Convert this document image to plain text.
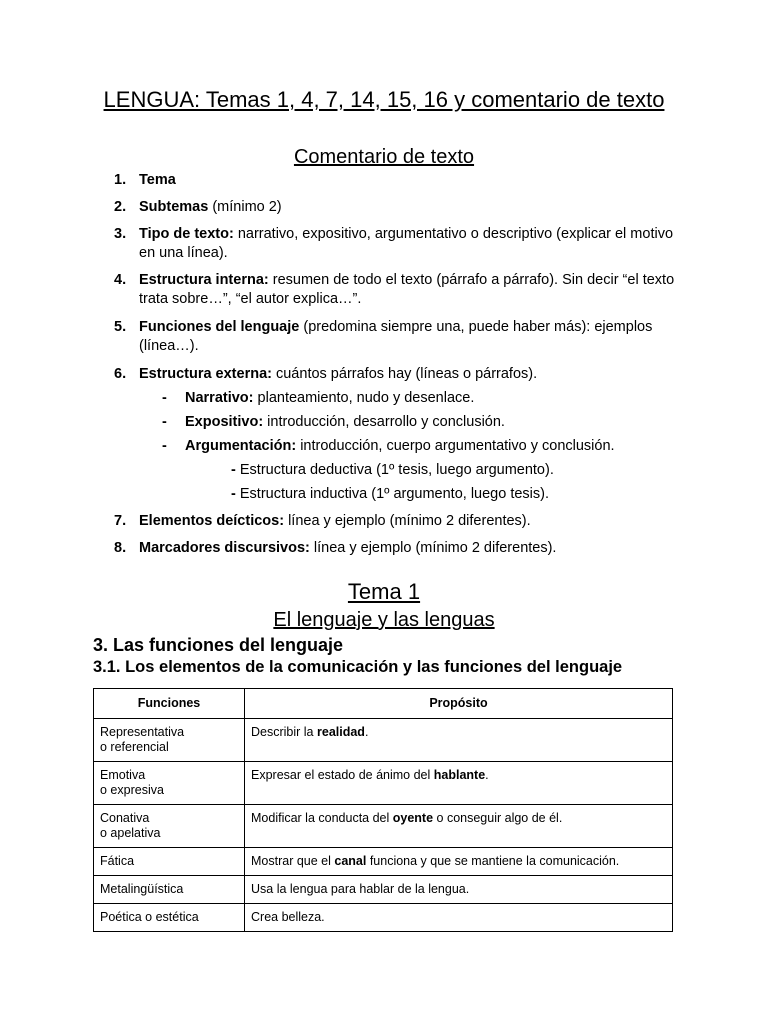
LENGUA: Temas 1, 4, 7, 14, 15, 16 y comentario de texto
Comentario de texto
1. Tema
2. Subtemas (mínimo 2)
3. Tipo de texto: narrativo, expositivo, argumentativo o descriptivo (explicar el motivo en una línea).
4. Estructura interna: resumen de todo el texto (párrafo a párrafo). Sin decir “el texto trata sobre…”, “el autor explica…”.
5. Funciones del lenguaje (predomina siempre una, puede haber más): ejemplos (línea…).
6. Estructura externa: cuántos párrafos hay (líneas o párrafos).
- Narrativo: planteamiento, nudo y desenlace.
- Expositivo: introducción, desarrollo y conclusión.
- Argumentación: introducción, cuerpo argumentativo y conclusión.
- Estructura deductiva (1º tesis, luego argumento).
- Estructura inductiva (1º argumento, luego tesis).
7. Elementos deícticos: línea y ejemplo (mínimo 2 diferentes).
8. Marcadores discursivos: línea y ejemplo (mínimo 2 diferentes).
Tema 1
El lenguaje y las lenguas
3. Las funciones del lenguaje
3.1. Los elementos de la comunicación y las funciones del lenguaje
Funciones	Propósito
Representativa
o referencial	Describir la realidad.
Emotiva
o expresiva	Expresar el estado de ánimo del hablante.
Conativa
o apelativa	Modificar la conducta del oyente o conseguir algo de él.
Fática	Mostrar que el canal funciona y que se mantiene la comunicación.
Metalingüística	Usa la lengua para hablar de la lengua.
Poética o estética	Crea belleza.
